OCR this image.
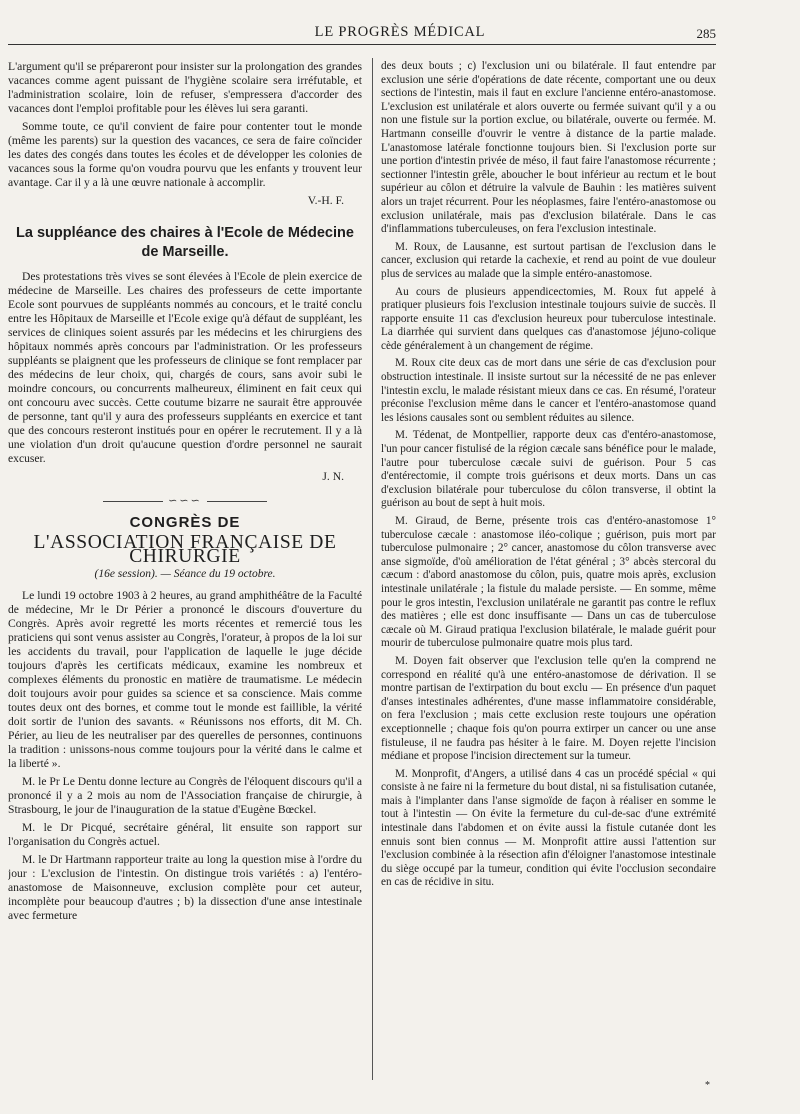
LE PROGRÈS MÉDICAL	285

L'argument qu'il se prépareront pour insister sur la prolongation des grandes vacances comme agent puissant de l'hygiène scolaire sera irréfutable, et l'administration scolaire, loin de refuser, s'empressera d'accorder des vacances dont l'emploi profitable pour les élèves lui sera garanti.

Somme toute, ce qu'il convient de faire pour contenter tout le monde (même les parents) sur la question des vacances, ce sera de faire coïncider les dates des congés dans toutes les écoles et de développer les colonies de vacances sous la forme qu'on voudra pourvu que les enfants y trouvent leur avantage. Car il y a là une œuvre nationale à accomplir.

V.-H. F.
La suppléance des chaires à l'Ecole de Médecine de Marseille.

Des protestations très vives se sont élevées à l'Ecole de plein exercice de médecine de Marseille. Les chaires des professeurs de cette importante Ecole sont pourvues de suppléants nommés au concours, et le traité conclu entre les Hôpitaux de Marseille et l'Ecole exige qu'à défaut de suppléant, les services de cliniques soient assurés par les médecins et les chirurgiens des hôpitaux nommés après concours par l'administration. Or les professeurs suppléants se plaignent que les professeurs de clinique se font remplacer par des médecins de leur choix, qui, chargés de cours, sans avoir subi le moindre concours, ou concurrents malheureux, éliminent en fait ceux qui ont concouru avec succès. Cette coutume bizarre ne saurait être approuvée de personne, tant qu'il y aura des professeurs suppléants en exercice et tant que des concours resteront institués pour en opérer le recrutement. Il y a là une violation d'un droit qu'aucune question d'ordre personnel ne saurait excuser.

J. N.
∽∽∽
CONGRÈS DE
L'ASSOCIATION FRANÇAISE DE CHIRURGIE
(16e session). — Séance du 19 octobre.

Le lundi 19 octobre 1903 à 2 heures, au grand amphithéâtre de la Faculté de médecine, Mr le Dr Périer a prononcé le discours d'ouverture du Congrès. Après avoir regretté les morts récentes et remercié tous les praticiens qui sont venus assister au Congrès, l'orateur, à propos de la loi sur les accidents du travail, pour l'application de laquelle le juge décide toujours d'après les certificats médicaux, examine les nombreux et complexes éléments du pronostic en matière de traumatisme. Le médecin doit toujours avoir pour guides sa science et sa conscience. Mais comme toutes deux ont des bornes, et comme tout le monde est faillible, la vérité doit sortir de l'union des savants. « Réunissons nos efforts, dit M. Ch. Périer, au lieu de les neutraliser par des querelles de personnes, continuons la tradition : unissons-nous comme toujours pour la vérité dans le calme et la liberté ».

M. le Pr Le Dentu donne lecture au Congrès de l'éloquent discours qu'il a prononcé il y a 2 mois au nom de l'Association française de chirurgie, à Strasbourg, le jour de l'inauguration de la statue d'Eugène Bœckel.

M. le Dr Picqué, secrétaire général, lit ensuite son rapport sur l'organisation du Congrès actuel.

M. le Dr Hartmann rapporteur traite au long la question mise à l'ordre du jour : L'exclusion de l'intestin. On distingue trois variétés : a) l'entéro-anastomose de Maisonneuve, exclusion complète pour cet auteur, incomplète pour beaucoup d'autres ; b) la dissection d'une anse intestinale avec fermeture

des deux bouts ; c) l'exclusion uni ou bilatérale. Il faut entendre par exclusion une série d'opérations de date récente, comportant une ou deux sections de l'intestin, mais il faut en exclure l'ancienne entéro-anastomose. L'exclusion est unilatérale et alors ouverte ou fermée suivant qu'il y a ou non une fistule sur la portion exclue, ou bilatérale, ouverte ou fermée. M. Hartmann conseille d'ouvrir le ventre à distance de la partie malade. L'anastomose latérale fonctionne toujours bien. Si l'exclusion porte sur une portion d'intestin privée de méso, il faut faire l'anastomose récurrente ; sectionner l'intestin grêle, aboucher le bout inférieur au rectum et le bout supérieur au côlon et détruire la valvule de Bauhin : les matières suivent alors un trajet récurrent. Pour les néoplasmes, faire l'entéro-anastomose ou exclusion unilatérale, mais pas d'exclusion bilatérale. Dans le cas d'inflammations tuberculeuses, on fera l'exclusion intestinale.

M. Roux, de Lausanne, est surtout partisan de l'exclusion dans le cancer, exclusion qui retarde la cachexie, et rend au point de vue douleur plus de services au malade que la simple entéro-anastomose.

Au cours de plusieurs appendicectomies, M. Roux fut appelé à pratiquer plusieurs fois l'exclusion intestinale toujours suivie de succès. Il rapporte ensuite 11 cas d'exclusion heureux pour tuberculose intestinale. La diarrhée qui survient dans quelques cas d'anastomose jéjuno-colique cède généralement à un changement de régime.

M. Roux cite deux cas de mort dans une série de cas d'exclusion pour obstruction intestinale. Il insiste surtout sur la nécessité de ne pas enlever l'intestin exclu, le malade résistant mieux dans ce cas. En résumé, l'orateur préconise l'exclusion même dans le cancer et l'entéro-anastomose quand les lésions causales sont ou semblent réduites au silence.

M. Tédenat, de Montpellier, rapporte deux cas d'entéro-anastomose, l'un pour cancer fistulisé de la région cæcale sans bénéfice pour le malade, l'autre pour tuberculose cæcale suivi de guérison. Pour 5 cas d'entérectomie, il compte trois guérisons et deux morts. Dans un cas d'exclusion bilatérale pour tuberculose du côlon transverse, il obtint la guérison au bout de sept à huit mois.

M. Giraud, de Berne, présente trois cas d'entéro-anastomose 1° tuberculose cæcale : anastomose iléo-colique ; guérison, puis mort par tuberculose pulmonaire ; 2° cancer, anastomose du côlon transverse avec anse sigmoïde, d'où amélioration de l'état général ; 3° abcès stercoral du cæcum : d'abord anastomose du côlon, puis, quatre mois après, exclusion intestinale unilatérale ; la fistule du malade persiste. — En somme, même pour le gros intestin, l'exclusion unilatérale ne garantit pas contre le reflux des matières ; elle est donc insuffisante — Dans un cas de tuberculose cæcale où M. Giraud pratiqua l'exclusion bilatérale, le malade guérit pour mourir de tuberculose pulmonaire quatre mois plus tard.

M. Doyen fait observer que l'exclusion telle qu'en la comprend ne correspond en réalité qu'à une entéro-anastomose de dérivation. Il se montre partisan de l'extirpation du bout exclu — En présence d'un paquet d'anses intestinales adhérentes, d'une masse inflammatoire considérable, on fera l'exclusion ; mais cette exclusion reste toujours une opération exceptionnelle ; chaque fois qu'on pourra extirper un cancer ou une anse fistuleuse, il ne faudra pas hésiter à le faire. M. Doyen rejette l'incision médiane et propose l'incision directement sur la tumeur.

M. Monprofit, d'Angers, a utilisé dans 4 cas un procédé spécial « qui consiste à ne faire ni la fermeture du bout distal, ni sa fistulisation cutanée, mais à l'implanter dans l'anse sigmoïde de façon à réaliser en somme le tout à l'intestin — On évite la fermeture du cul-de-sac d'une extrémité intestinale dans l'abdomen et on évite aussi la fistule cutanée dont les ennuis sont bien connus — M. Monprofit attire aussi l'attention sur l'exclusion combinée à la résection afin d'éloigner l'anastomose intestinale du siège occupé par la tumeur, condition qui évite l'occlusion secondaire en cas de récidive in situ.

*
